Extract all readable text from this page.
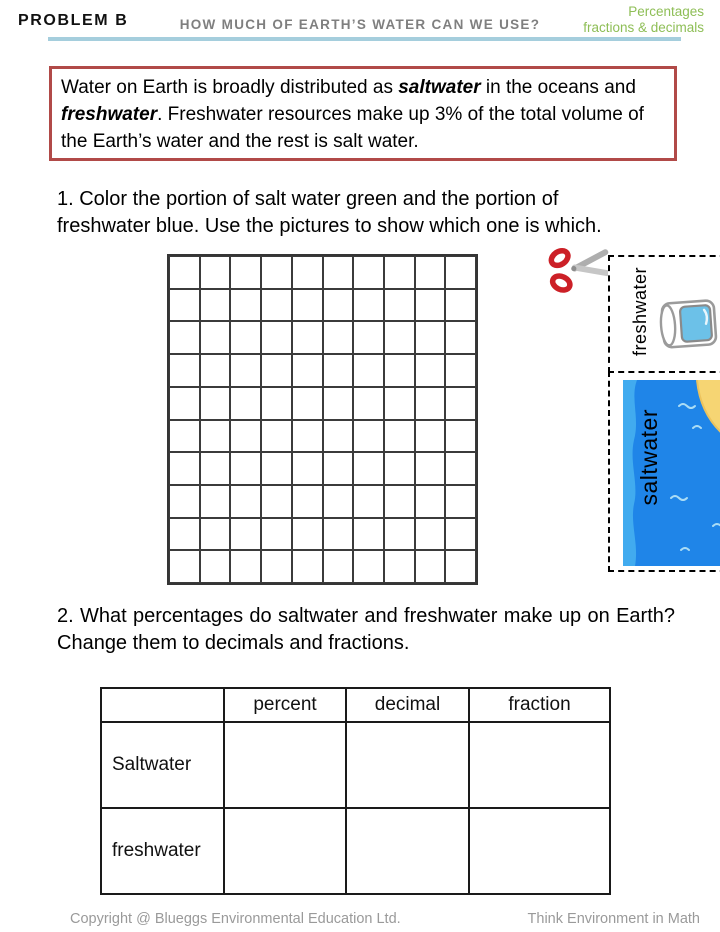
PROBLEM B	HOW MUCH OF EARTH’S WATER CAN WE USE?
Percentages
fractions & decimals
Water on Earth is broadly distributed as saltwater in the oceans and freshwater. Freshwater resources make up 3% of the total volume of the Earth’s water and the rest is salt water.
1. Color the portion of salt water green and the portion of freshwater blue. Use the pictures to show which one is which.
freshwater
saltwater
2. What percentages do saltwater and freshwater make up on Earth? Change them to decimals and fractions.
	percent	decimal	fraction
Saltwater			
freshwater			
Copyright @ Blueggs Environmental Education Ltd.	Think Environment in Math
